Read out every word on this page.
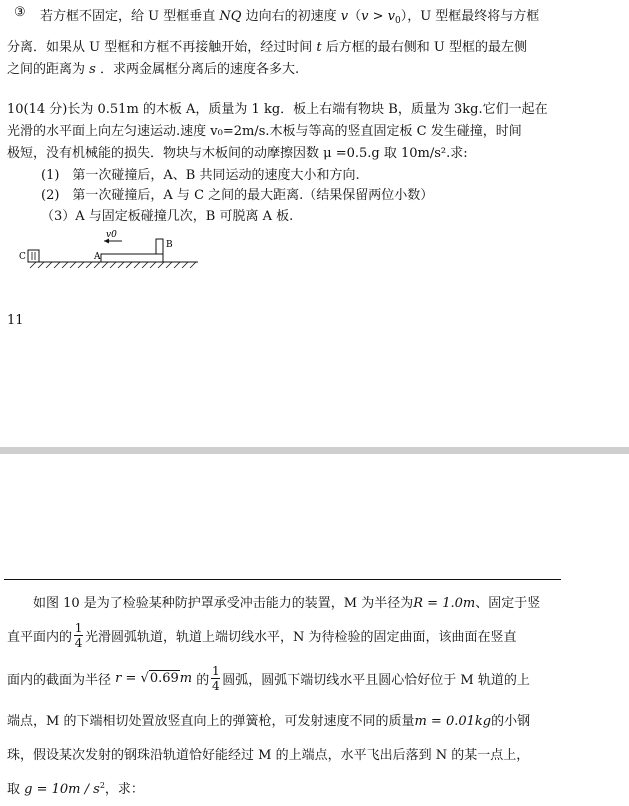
③ 若方框不固定，给 U 型框垂直 NQ 边向右的初速度 $v(v > v_0)$，U 型框最终将与方框
分离．如果从 U 型框和方框不再接触开始，经过时间 t 后方框的最右侧和 U 型框的最左侧
之间的距离为 s ．求两金属框分离后的速度各多大.
10(14 分)长为 0.51m 的木板 A，质量为 1 kg．板上右端有物块 B，质量为 3kg.它们一起在
光滑的水平面上向左匀速运动.速度 v₀=2m/s.木板与等高的竖直固定板 C 发生碰撞，时间
极短，没有机械能的损失．物块与木板间的动摩擦因数 μ =0.5.g 取 10m/s².求:
(1)　第一次碰撞后，A、B 共同运动的速度大小和方向.
(2)　第一次碰撞后，A 与 C 之间的最大距离.（结果保留两位小数）
（3）A 与固定板碰撞几次，B 可脱离 A 板.
C	A
B
v0
11
如图 10 是为了检验某种防护罩承受冲击能力的装置，M 为半径为R = 1.0m、固定于竖
直平面内的 $\frac{1}{4}$ 光滑圆弧轨道，轨道上端切线水平，N 为待检验的固定曲面，该曲面在竖直
面内的截面为半径
r =
√ 0.69 m
的 $\frac{1}{4}$ 圆弧，圆弧下端切线水平且圆心恰好位于 M 轨道的上
端点，M 的下端相切处置放竖直向上的弹簧枪，可发射速度不同的质量m = 0.01kg的小钢
珠，假设某次发射的钢珠沿轨道恰好能经过 M 的上端点，水平飞出后落到 N 的某一点上，
取 $g = 10m / s^2$，求：
